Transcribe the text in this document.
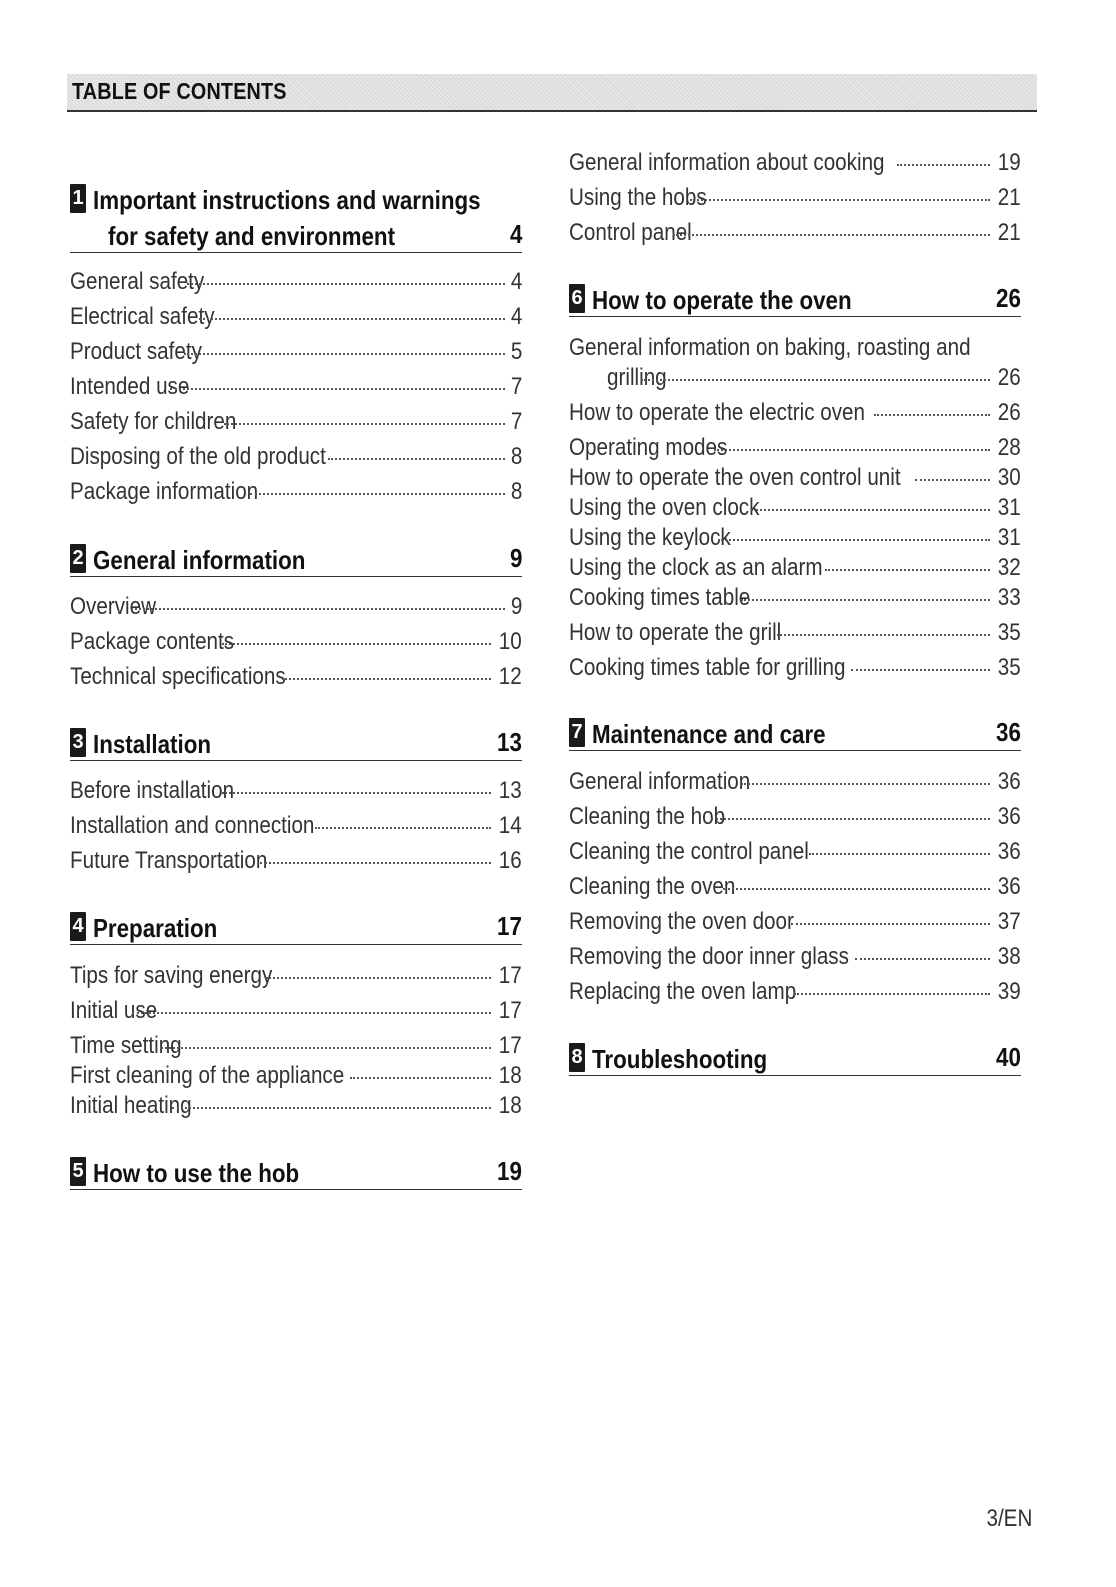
TABLE OF CONTENTS
1 Important instructions and warnings
for safety and environment	4
General safety	4
Electrical safety	4
Product safety	5
Intended use	7
Safety for children	7
Disposing of the old product	8
Package information	8
2 General information	9
Overview	9
Package contents	10
Technical specifications	12
3 Installation	13
Before installation	13
Installation and connection	14
Future Transportation	16
4 Preparation	17
Tips for saving energy	17
Initial use	17
Time setting	17
First cleaning of the appliance	18
Initial heating	18
5 How to use the hob	19
General information about cooking	19
Using the hobs	21
Control panel	21
6 How to operate the oven	26
General information on baking, roasting and
grilling	26
How to operate the electric oven	26
Operating modes	28
How to operate the oven control unit	30
Using the oven clock	31
Using the keylock	31
Using the clock as an alarm	32
Cooking times table	33
How to operate the grill	35
Cooking times table for grilling	35
7 Maintenance and care	36
General information	36
Cleaning the hob	36
Cleaning the control panel	36
Cleaning the oven	36
Removing the oven door	37
Removing the door inner glass	38
Replacing the oven lamp	39
8 Troubleshooting	40
3/EN
